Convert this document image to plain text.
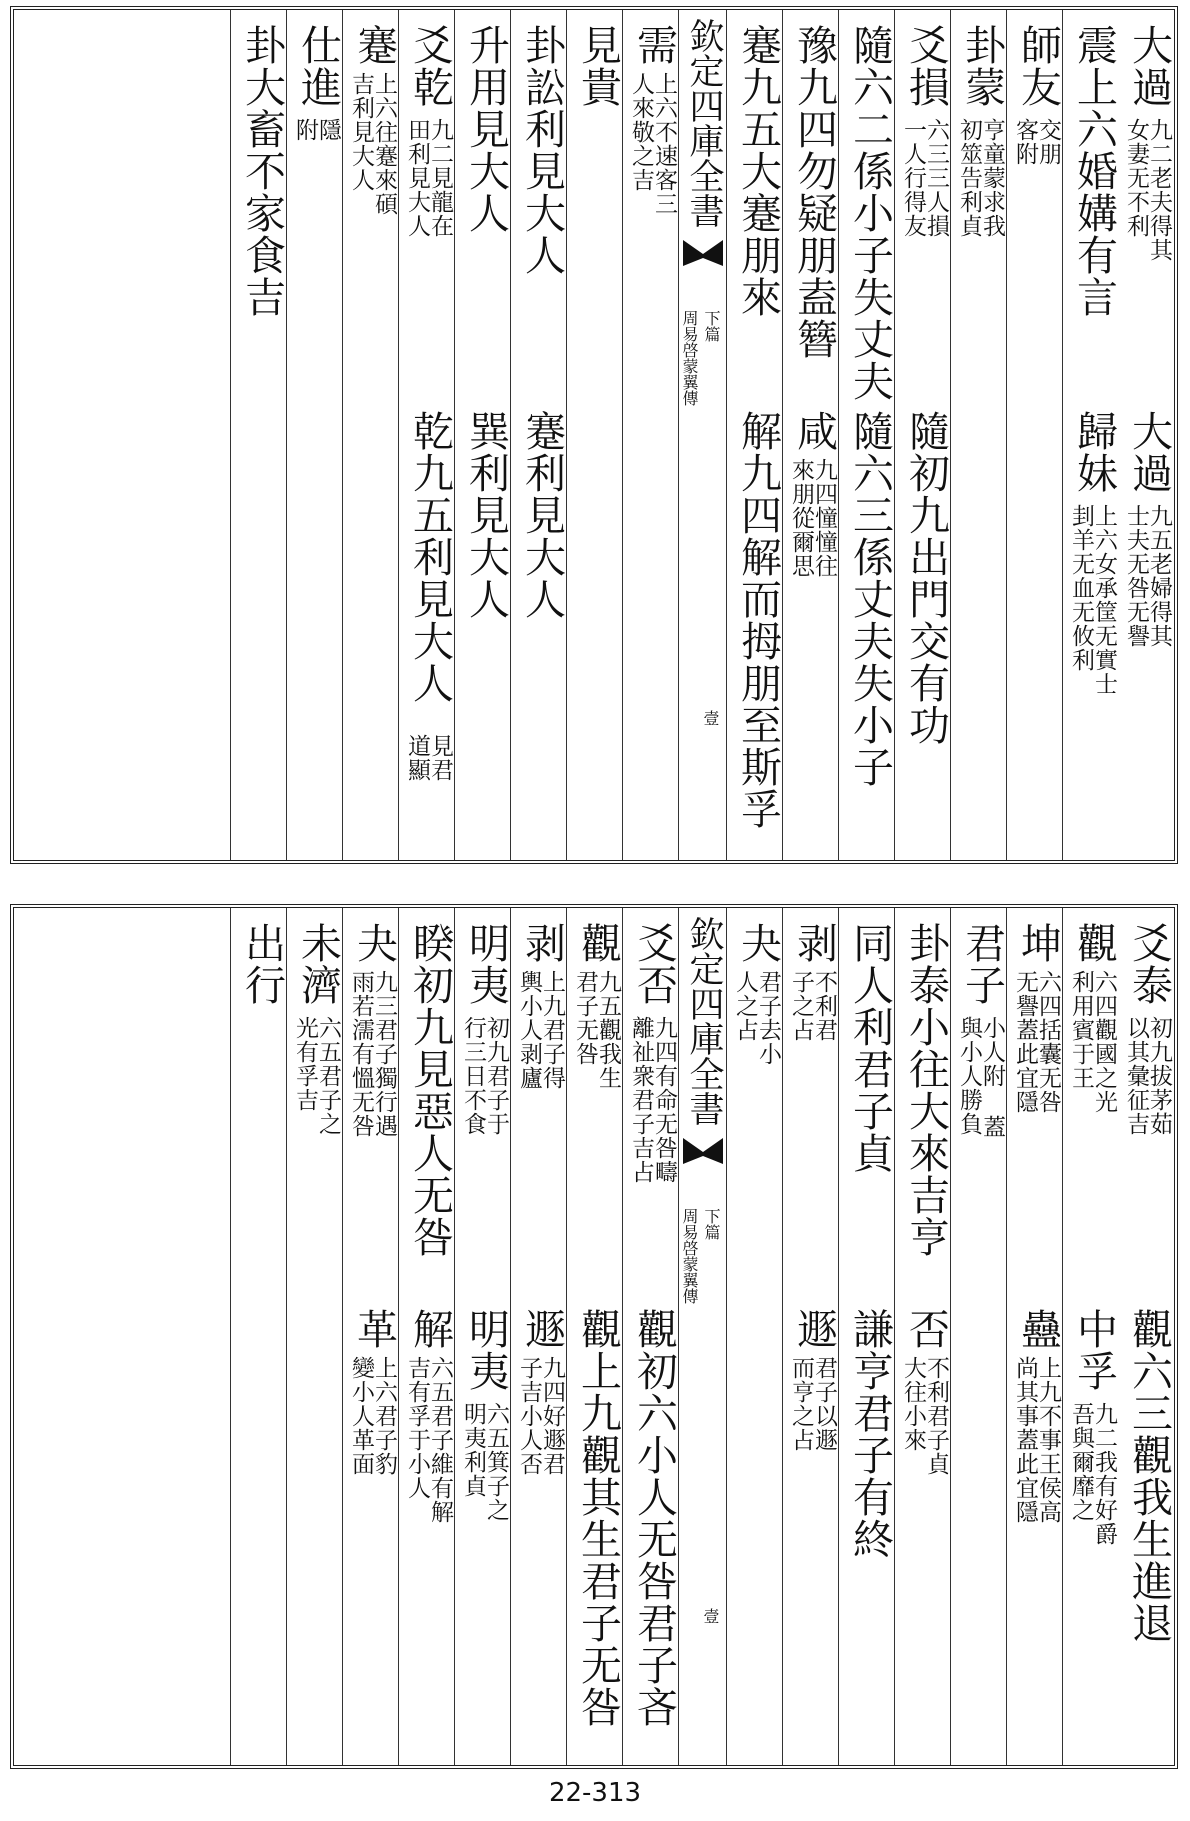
大過
九二老夫得其女妻无不利
大過
九五老婦得其士夫无咎无譽
震上六婚媾有言
歸妹
上六女承筐无實士刲羊无血无攸利
師友
交朋客附
卦蒙
亨童蒙求我初筮告利貞
爻損
六三三人損一人行得友
隨初九出門交有功
隨六二係小子失丈夫
隨六三係丈夫失小子
豫九四勿疑朋盍簪
咸
九四憧憧往來朋從爾思
蹇九五大蹇朋來
解九四解而拇朋至斯孚
欽定四庫全書
周易啓蒙翼傳 下篇
壹
需
上六不速客三人來敬之吉
見貴
卦訟利見大人
蹇利見大人
升用見大人
巽利見大人
爻乾
九二見龍在田利見大人
乾九五利見大人
見君道顯
蹇
上六往蹇來碩吉利見大人
仕進
隱附
卦大畜不家食吉
爻泰
初九拔茅茹以其彙征吉
觀六三觀我生進退
觀
六四觀國之光利用賓于王
中孚
九二我有好爵吾與爾靡之
坤
六四括囊无咎无譽蓋此宜隱
蠱
上九不事王侯高尚其事蓋此宜隱
君子
小人附 蓋與小人勝負
卦泰小往大來吉亨
否
不利君子貞大往小來
同人利君子貞
謙亨君子有終
剥
不利君子之占
遯
君子以遯而亨之占
夬
君子去小人之占
欽定四庫全書
周易啓蒙翼傳 下篇
壹
爻否
九四有命无咎疇離祉衆君子吉占
觀初六小人无咎君子吝
觀
九五觀我生君子无咎
觀上九觀其生君子无咎
剥
上九君子得輿小人剥廬
遯
九四好遯君子吉小人否
明夷
初九君子于行三日不食
明夷
六五箕子之明夷利貞
睽初九見惡人无咎
解
六五君子維有解吉有孚于小人
夬
九三君子獨行遇雨若濡有慍无咎
革
上六君子豹變小人革面
未濟
六五君子之光有孚吉
出行
22-313
